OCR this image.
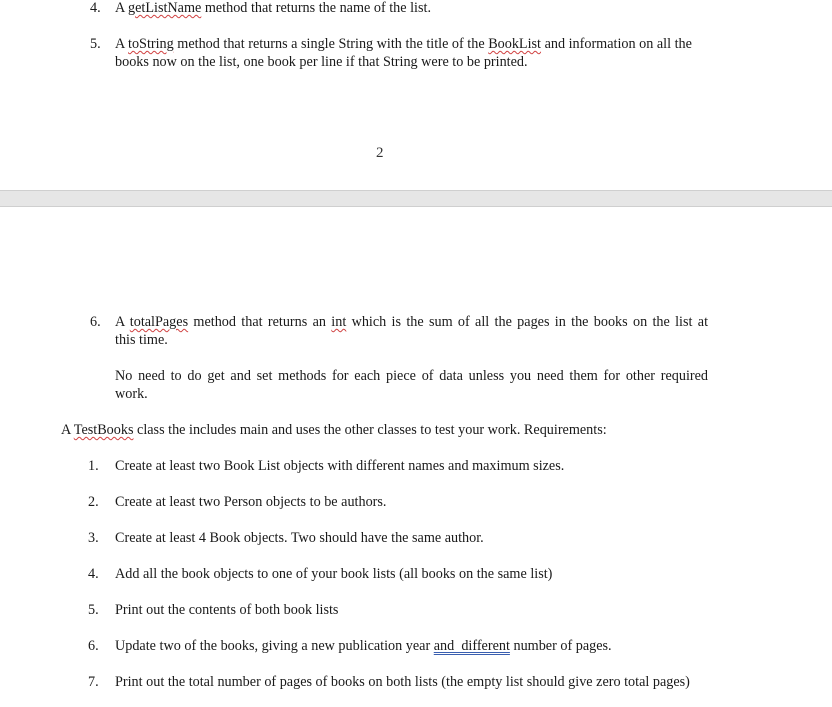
4. A getListName method that returns the name of the list.
5. A toString method that returns a single String with the title of the BookList and information on all the
books now on the list, one book per line if that String were to be printed.
2
6. A totalPages method that returns an int which is the sum of all the pages in the books on the list at
this time.
No need to do get and set methods for each piece of data unless you need them for other required
work.
A TestBooks class the includes main and uses the other classes to test your work. Requirements:
1. Create at least two Book List objects with different names and maximum sizes.
2. Create at least two Person objects to be authors.
3. Create at least 4 Book objects. Two should have the same author.
4. Add all the book objects to one of your book lists (all books on the same list)
5. Print out the contents of both book lists
6. Update two of the books, giving a new publication year and  different number of pages.
7. Print out the total number of pages of books on both lists (the empty list should give zero total pages)
